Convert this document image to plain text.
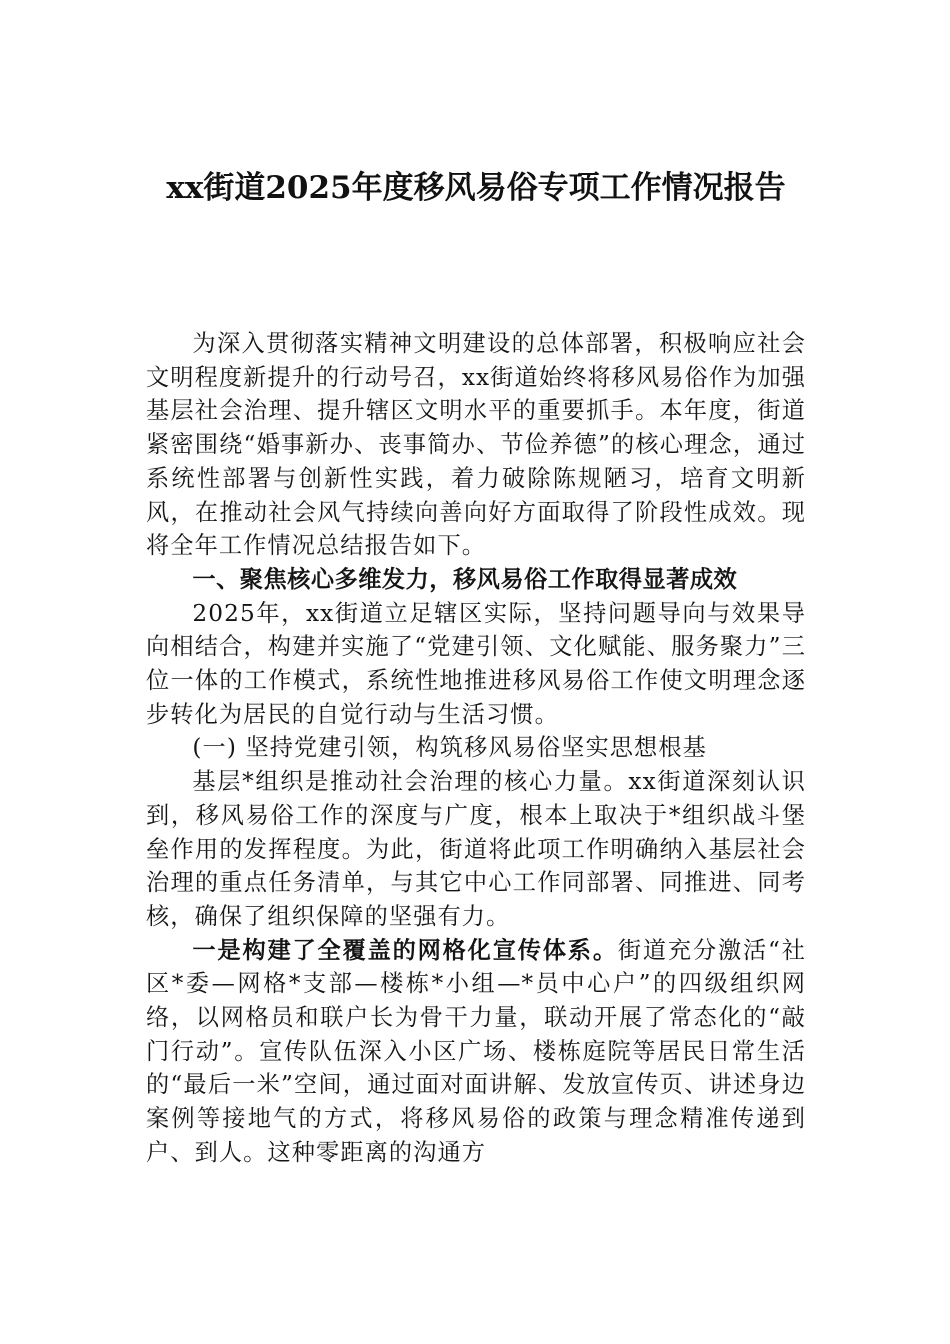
xx街道2025年度移风易俗专项工作情况报告

为深入贯彻落实精神文明建设的总体部署，积极响应社会文明程度新提升的行动号召，xx街道始终将移风易俗作为加强基层社会治理、提升辖区文明水平的重要抓手。本年度，街道紧密围绕“婚事新办、丧事简办、节俭养德”的核心理念，通过系统性部署与创新性实践，着力破除陈规陋习，培育文明新风，在推动社会风气持续向善向好方面取得了阶段性成效。现将全年工作情况总结报告如下。

一、聚焦核心多维发力，移风易俗工作取得显著成效

2025年，xx街道立足辖区实际，坚持问题导向与效果导向相结合，构建并实施了“党建引领、文化赋能、服务聚力”三位一体的工作模式，系统性地推进移风易俗工作使文明理念逐步转化为居民的自觉行动与生活习惯。

(一) 坚持党建引领，构筑移风易俗坚实思想根基

基层*组织是推动社会治理的核心力量。xx街道深刻认识到，移风易俗工作的深度与广度，根本上取决于*组织战斗堡垒作用的发挥程度。为此，街道将此项工作明确纳入基层社会治理的重点任务清单，与其它中心工作同部署、同推进、同考核，确保了组织保障的坚强有力。

一是构建了全覆盖的网格化宣传体系。街道充分激活“社区*委—网格*支部—楼栋*小组—*员中心户”的四级组织网络，以网格员和联户长为骨干力量，联动开展了常态化的“敲门行动”。宣传队伍深入小区广场、楼栋庭院等居民日常生活的“最后一米”空间，通过面对面讲解、发放宣传页、讲述身边案例等接地气的方式，将移风易俗的政策与理念精准传递到户、到人。这种零距离的沟通方
